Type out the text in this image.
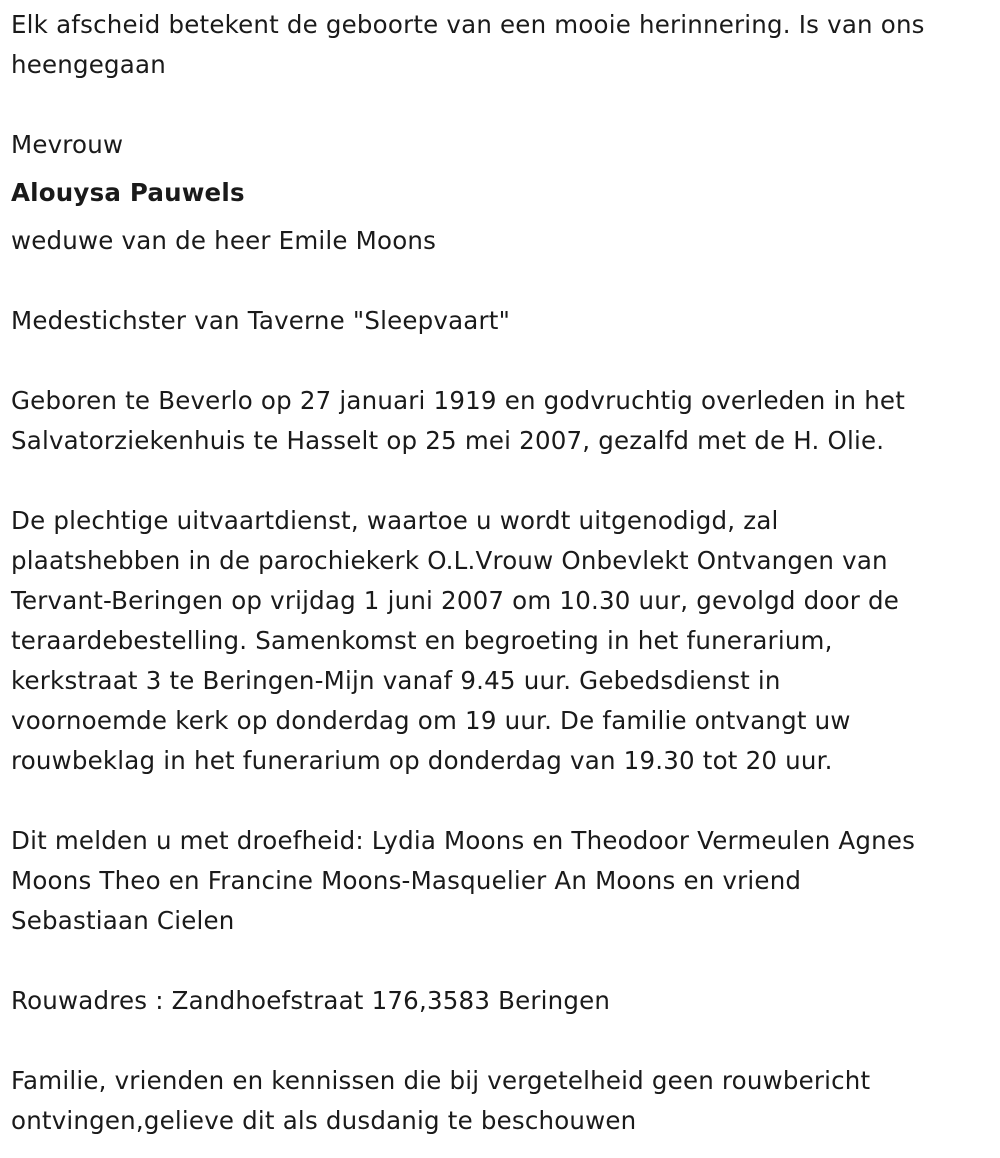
Elk afscheid betekent de geboorte van een mooie herinnering. Is van ons
heengegaan

Mevrouw

Alouysa Pauwels

weduwe van de heer Emile Moons

Medestichster van Taverne "Sleepvaart"

Geboren te Beverlo op 27 januari 1919 en godvruchtig overleden in het
Salvatorziekenhuis te Hasselt op 25 mei 2007, gezalfd met de H. Olie.

De plechtige uitvaartdienst, waartoe u wordt uitgenodigd, zal
plaatshebben in de parochiekerk O.L.Vrouw Onbevlekt Ontvangen van
Tervant-Beringen op vrijdag 1 juni 2007 om 10.30 uur, gevolgd door de
teraardebestelling. Samenkomst en begroeting in het funerarium,
kerkstraat 3 te Beringen-Mijn vanaf 9.45 uur. Gebedsdienst in
voornoemde kerk op donderdag om 19 uur. De familie ontvangt uw
rouwbeklag in het funerarium op donderdag van 19.30 tot 20 uur.

Dit melden u met droefheid: Lydia Moons en Theodoor Vermeulen Agnes
Moons Theo en Francine Moons-Masquelier An Moons en vriend
Sebastiaan Cielen

Rouwadres : Zandhoefstraat 176,3583 Beringen

Familie, vrienden en kennissen die bij vergetelheid geen rouwbericht
ontvingen,gelieve dit als dusdanig te beschouwen
